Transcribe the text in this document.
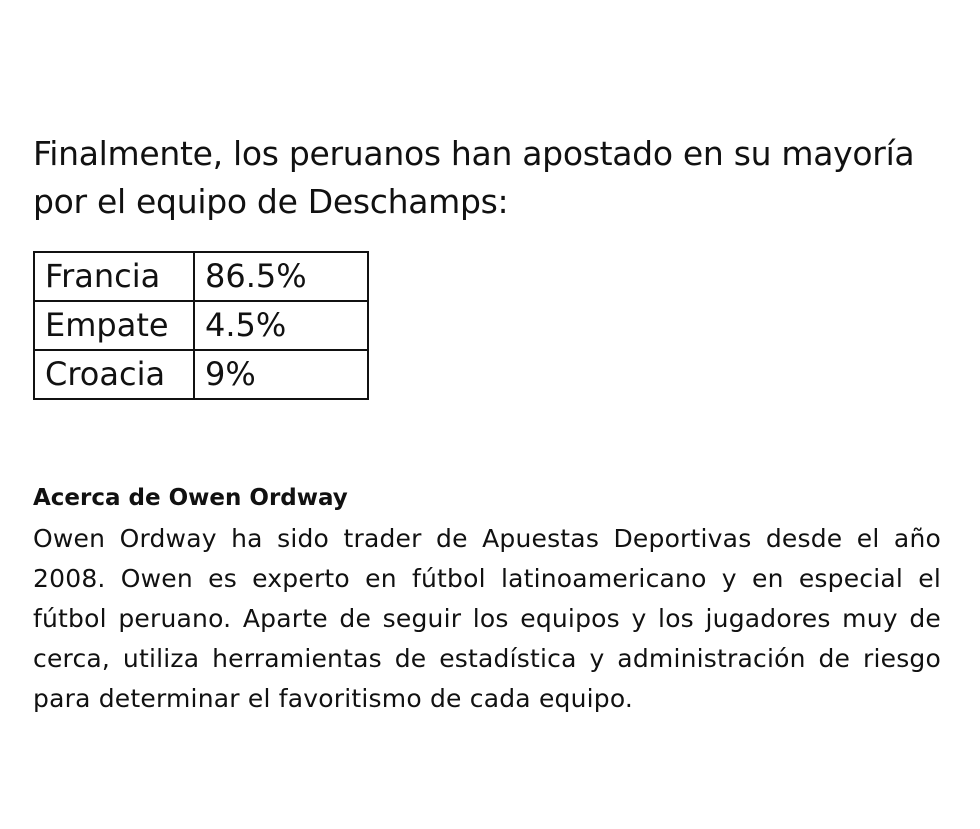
Finalmente, los peruanos han apostado en su mayoría por el equipo de Deschamps:

Francia	86.5%
Empate	4.5%
Croacia	9%
Acerca de Owen Ordway

Owen Ordway ha sido trader de Apuestas Deportivas desde el año 2008. Owen es experto en fútbol latinoamericano y en especial el fútbol peruano. Aparte de seguir los equipos y los jugadores muy de cerca, utiliza herramientas de estadística y administración de riesgo para determinar el favoritismo de cada equipo.
